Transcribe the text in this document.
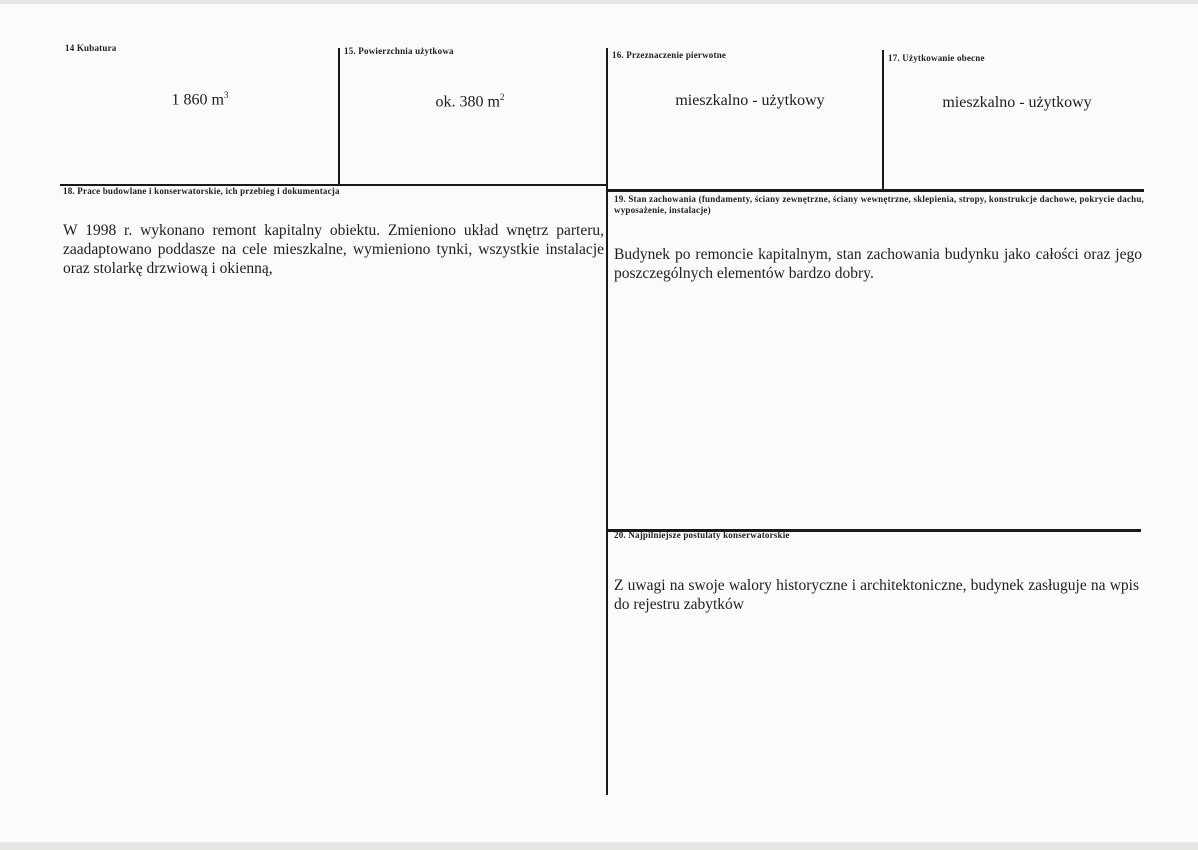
14 Kubatura
1 860 $m^3$
15. Powierzchnia użytkowa
ok. 380 $m^2$
16. Przeznaczenie pierwotne
mieszkalno - użytkowy
17. Użytkowanie obecne
mieszkalno - użytkowy
18. Prace budowlane i konserwatorskie, ich przebieg i dokumentacja
W 1998 r. wykonano remont kapitalny obiektu. Zmieniono układ wnętrz parteru, zaadaptowano poddasze na cele mieszkalne, wymieniono tynki, wszystkie instalacje oraz stolarkę drzwiową i okienną,
19. Stan zachowania (fundamenty, ściany zewnętrzne, ściany wewnętrzne, sklepienia, stropy, konstrukcje dachowe, pokrycie dachu, wyposażenie, instalacje)
Budynek po remoncie kapitalnym, stan zachowania budynku jako całości oraz jego poszczególnych elementów bardzo dobry.
20. Najpilniejsze postulaty konserwatorskie
Z uwagi na swoje walory historyczne i architektoniczne, budynek zasługuje na wpis do rejestru zabytków
